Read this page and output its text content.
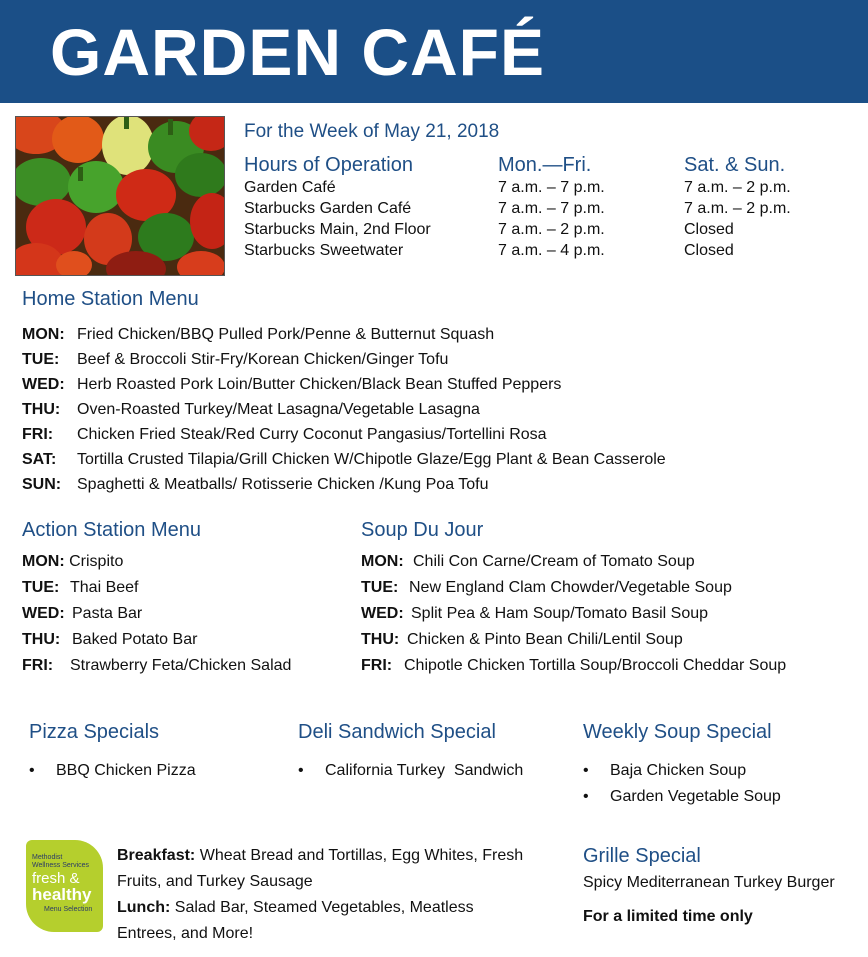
GARDEN CAFÉ
For the Week of May 21, 2018
Hours of Operation	Mon.—Fri.	Sat. & Sun.
Garden Café
Starbucks Garden Café
Starbucks Main, 2nd Floor
Starbucks Sweetwater
7 a.m. – 7 p.m.
7 a.m. – 7 p.m.
7 a.m. – 2 p.m.
7 a.m. – 4 p.m.
7 a.m. – 2 p.m.
7 a.m. – 2 p.m.
Closed
Closed
Home Station Menu
MON: Fried Chicken/BBQ Pulled Pork/Penne & Butternut Squash
TUE: Beef & Broccoli Stir-Fry/Korean Chicken/Ginger Tofu
WED: Herb Roasted Pork Loin/Butter Chicken/Black Bean Stuffed Peppers
THU: Oven-Roasted Turkey/Meat Lasagna/Vegetable Lasagna
FRI: Chicken Fried Steak/Red Curry Coconut Pangasius/Tortellini Rosa
SAT: Tortilla Crusted Tilapia/Grill Chicken W/Chipotle Glaze/Egg Plant & Bean Casserole
SUN: Spaghetti & Meatballs/ Rotisserie Chicken /Kung Poa Tofu
Action Station Menu
MON: Crispito
TUE: Thai Beef
WED: Pasta Bar
THU: Baked Potato Bar
FRI: Strawberry Feta/Chicken Salad
Soup Du Jour
MON: Chili Con Carne/Cream of Tomato Soup
TUE: New England Clam Chowder/Vegetable Soup
WED: Split Pea & Ham Soup/Tomato Basil Soup
THU: Chicken & Pinto Bean Chili/Lentil Soup
FRI: Chipotle Chicken Tortilla Soup/Broccoli Cheddar Soup
Pizza Specials
• BBQ Chicken Pizza
Deli Sandwich Special
• California Turkey  Sandwich
Weekly Soup Special
• Baja Chicken Soup
• Garden Vegetable Soup
Methodist
Wellness Services
fresh &
healthy
Menu Selection
Breakfast: Wheat Bread and Tortillas, Egg Whites, Fresh Fruits, and Turkey Sausage
Lunch: Salad Bar, Steamed Vegetables, Meatless Entrees, and More!
Grille Special
Spicy Mediterranean Turkey Burger
For a limited time only
